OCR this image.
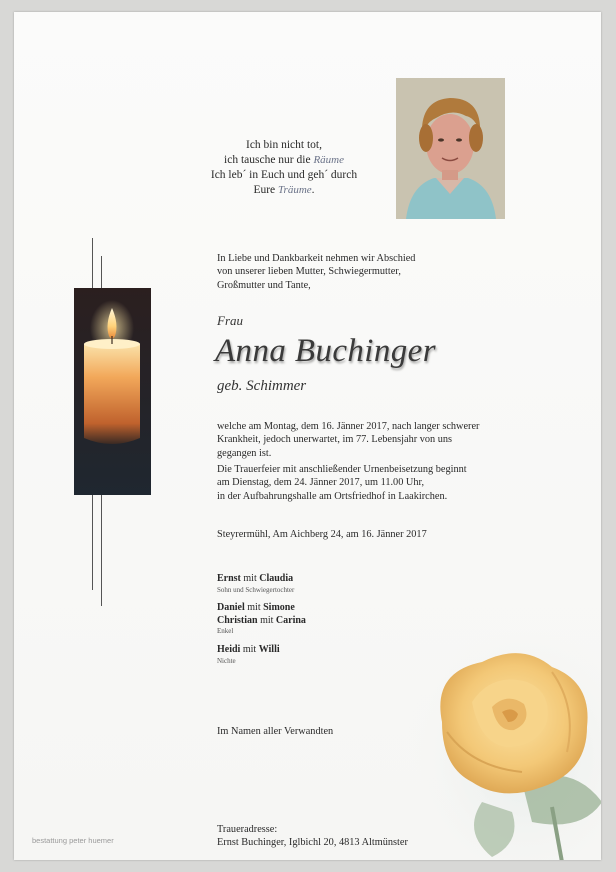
Ich bin nicht tot,
ich tausche nur die Räume
Ich leb´ in Euch und geh´ durch
Eure Träume.
In Liebe und Dankbarkeit nehmen wir Abschied
von unserer lieben Mutter, Schwiegermutter,
Großmutter und Tante,
Frau
Anna Buchinger
geb. Schimmer
welche am Montag, dem 16. Jänner 2017, nach langer schwerer
Krankheit, jedoch unerwartet, im 77. Lebensjahr von uns
gegangen ist.
Die Trauerfeier mit anschließender Urnenbeisetzung beginnt
am Dienstag, dem 24. Jänner 2017, um 11.00 Uhr,
in der Aufbahrungshalle am Ortsfriedhof in Laakirchen.
Steyrermühl, Am Aichberg 24, am 16. Jänner 2017
Ernst mit Claudia
Sohn und Schwiegertochter
Daniel mit Simone
Christian mit Carina
Enkel
Heidi mit Willi
Nichte
Im Namen aller Verwandten
Traueradresse:
Ernst Buchinger, Iglbichl 20, 4813 Altmünster
bestattung peter huemer
